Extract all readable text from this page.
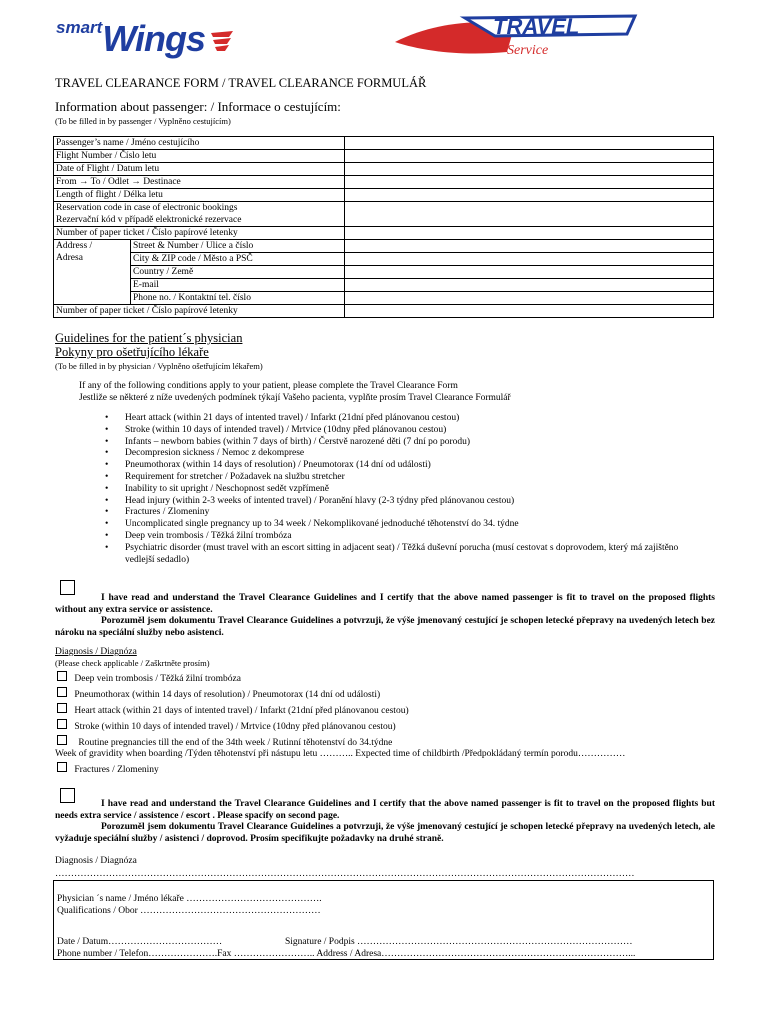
smartWings	TRAVEL
Service
TRAVEL CLEARANCE FORM / TRAVEL CLEARANCE FORMULÁŘ
Information about passenger: / Informace o cestujícím:
(To be filled in by passenger / Vyplněno cestujícím)
Passenger’s name / Jméno cestujícího		
Flight Number / Číslo letu		
Date of Flight / Datum letu		
From → To / Odlet → Destinace		
Length of flight / Délka letu		

Reservation code in case of electronic bookings
Rezervační kód v případě elektronické rezervace		

Number of paper ticket / Číslo papírové letenky		

Address /
Adresa	Street & Number / Ulice a číslo	
	City & ZIP code / Město a PSČ	
	Country / Země	
	E-mail	
	Phone no. / Kontaktní tel. číslo	
Number of paper ticket / Číslo papírové letenky		
Guidelines for the patient´s physician
Pokyny pro ošetřujícího lékaře
(To be filled in by physician / Vyplněno ošetřujícím lékařem)
If any of the following conditions apply to your patient, please complete the Travel Clearance Form
Jestliže se některé z níže uvedených podmínek týkají Vašeho pacienta, vyplňte prosím Travel Clearance Formulář
• Heart attack (within 21 days of intented travel) / Infarkt (21dní před plánovanou cestou)
• Stroke (within 10 days of intended travel) / Mrtvice (10dny před plánovanou cestou)
• Infants – newborn babies (within 7 days of birth) / Čerstvě narozené děti (7 dní po porodu)
• Decompresion sickness / Nemoc z dekomprese
• Pneumothorax (within 14 days of resolution) / Pneumotorax (14 dní od události)
• Requirement for stretcher / Požadavek na službu stretcher
• Inability to sit upright / Neschopnost sedět vzpřímeně
• Head injury (within 2-3 weeks of intented travel) / Poranění hlavy (2-3 týdny před plánovanou cestou)
• Fractures / Zlomeniny
• Uncomplicated single pregnancy up to 34 week / Nekomplikované jednoduché těhotenství do 34. týdne
• Deep vein trombosis / Těžká žilní trombóza
• Psychiatric disorder (must travel with an escort sitting in adjacent seat) / Těžká duševní porucha (musí cestovat s doprovodem, který má zajištěno vedlejší sedadlo)
I have read and understand the Travel Clearance Guidelines and I certify that the above named passenger is fit to travel on the proposed flights without any extra service or assistence.
Porozuměl jsem dokumentu Travel Clearance Guidelines a potvrzuji, že výše jmenovaný cestující je schopen letecké přepravy na uvedených letech bez nároku na speciální služby nebo asistenci.
Diagnosis / Diagnóza
(Please check applicable / Zaškrtněte prosím)
Deep vein trombosis / Těžká žilní trombóza
Pneumothorax (within 14 days of resolution) / Pneumotorax (14 dní od události)
Heart attack (within 21 days of intented travel) / Infarkt (21dní před plánovanou cestou)
Stroke (within 10 days of intended travel) / Mrtvice (10dny před plánovanou cestou)
Routine pregnancies till the end of the 34th week / Rutinní těhotenství do 34.týdne
Week of gravidity when boarding /Týden těhotenství při nástupu letu ……….. Expected time of childbirth /Předpokládaný termín porodu……………
Fractures / Zlomeniny
I have read and understand the Travel Clearance Guidelines and I certify that the above named passenger is fit to travel on the proposed flights but needs extra service / assistence / escort . Please spacify on second page.
Porozuměl jsem dokumentu Travel Clearance Guidelines a potvrzuji, že výše jmenovaný cestující je schopen letecké přepravy na uvedených letech, ale vyžaduje speciální služby / asistenci / doprovod. Prosím specifikujte požadavky na druhé straně.
Diagnosis / Diagnóza
…………………………………………………………………………………………………………………………………………………………………
Physician ´s name / Jméno lékaře …………………………………….
Qualifications / Obor …………………………………………………
Date / Datum………………………………	Signature / Podpis ……………………………………………………………………………
Phone number / Telefon………………….Fax …………………….. Address / Adresa……………………………………………………………………...
